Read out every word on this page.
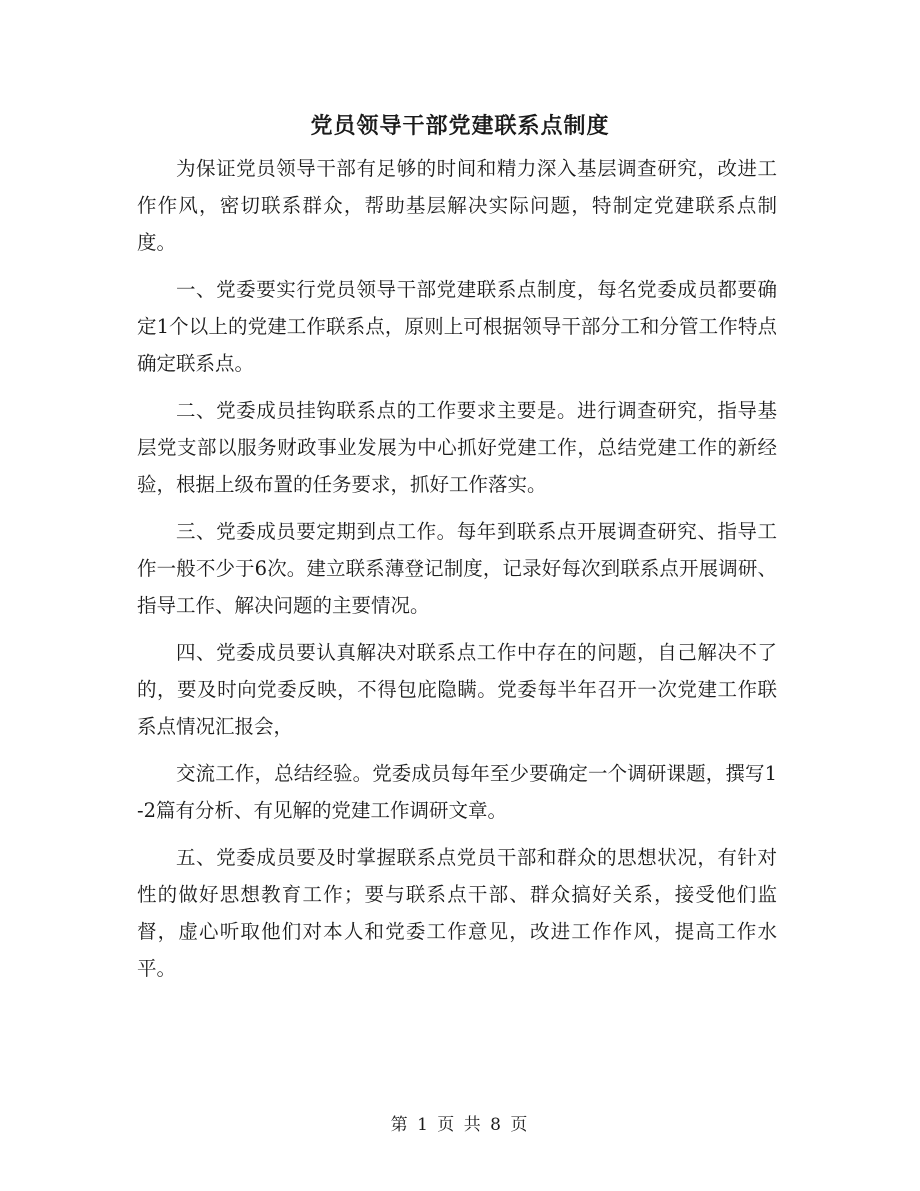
党员领导干部党建联系点制度

为保证党员领导干部有足够的时间和精力深入基层调查研究，改进工作作风，密切联系群众，帮助基层解决实际问题，特制定党建联系点制度。

一、党委要实行党员领导干部党建联系点制度，每名党委成员都要确定1个以上的党建工作联系点，原则上可根据领导干部分工和分管工作特点确定联系点。

二、党委成员挂钩联系点的工作要求主要是。进行调查研究，指导基层党支部以服务财政事业发展为中心抓好党建工作，总结党建工作的新经验，根据上级布置的任务要求，抓好工作落实。

三、党委成员要定期到点工作。每年到联系点开展调查研究、指导工作一般不少于6次。建立联系薄登记制度，记录好每次到联系点开展调研、指导工作、解决问题的主要情况。

四、党委成员要认真解决对联系点工作中存在的问题，自己解决不了的，要及时向党委反映，不得包庇隐瞒。党委每半年召开一次党建工作联系点情况汇报会，

交流工作，总结经验。党委成员每年至少要确定一个调研课题，撰写1-2篇有分析、有见解的党建工作调研文章。

五、党委成员要及时掌握联系点党员干部和群众的思想状况，有针对性的做好思想教育工作；要与联系点干部、群众搞好关系，接受他们监督，虚心听取他们对本人和党委工作意见，改进工作作风，提高工作水平。

第 1 页 共 8 页
